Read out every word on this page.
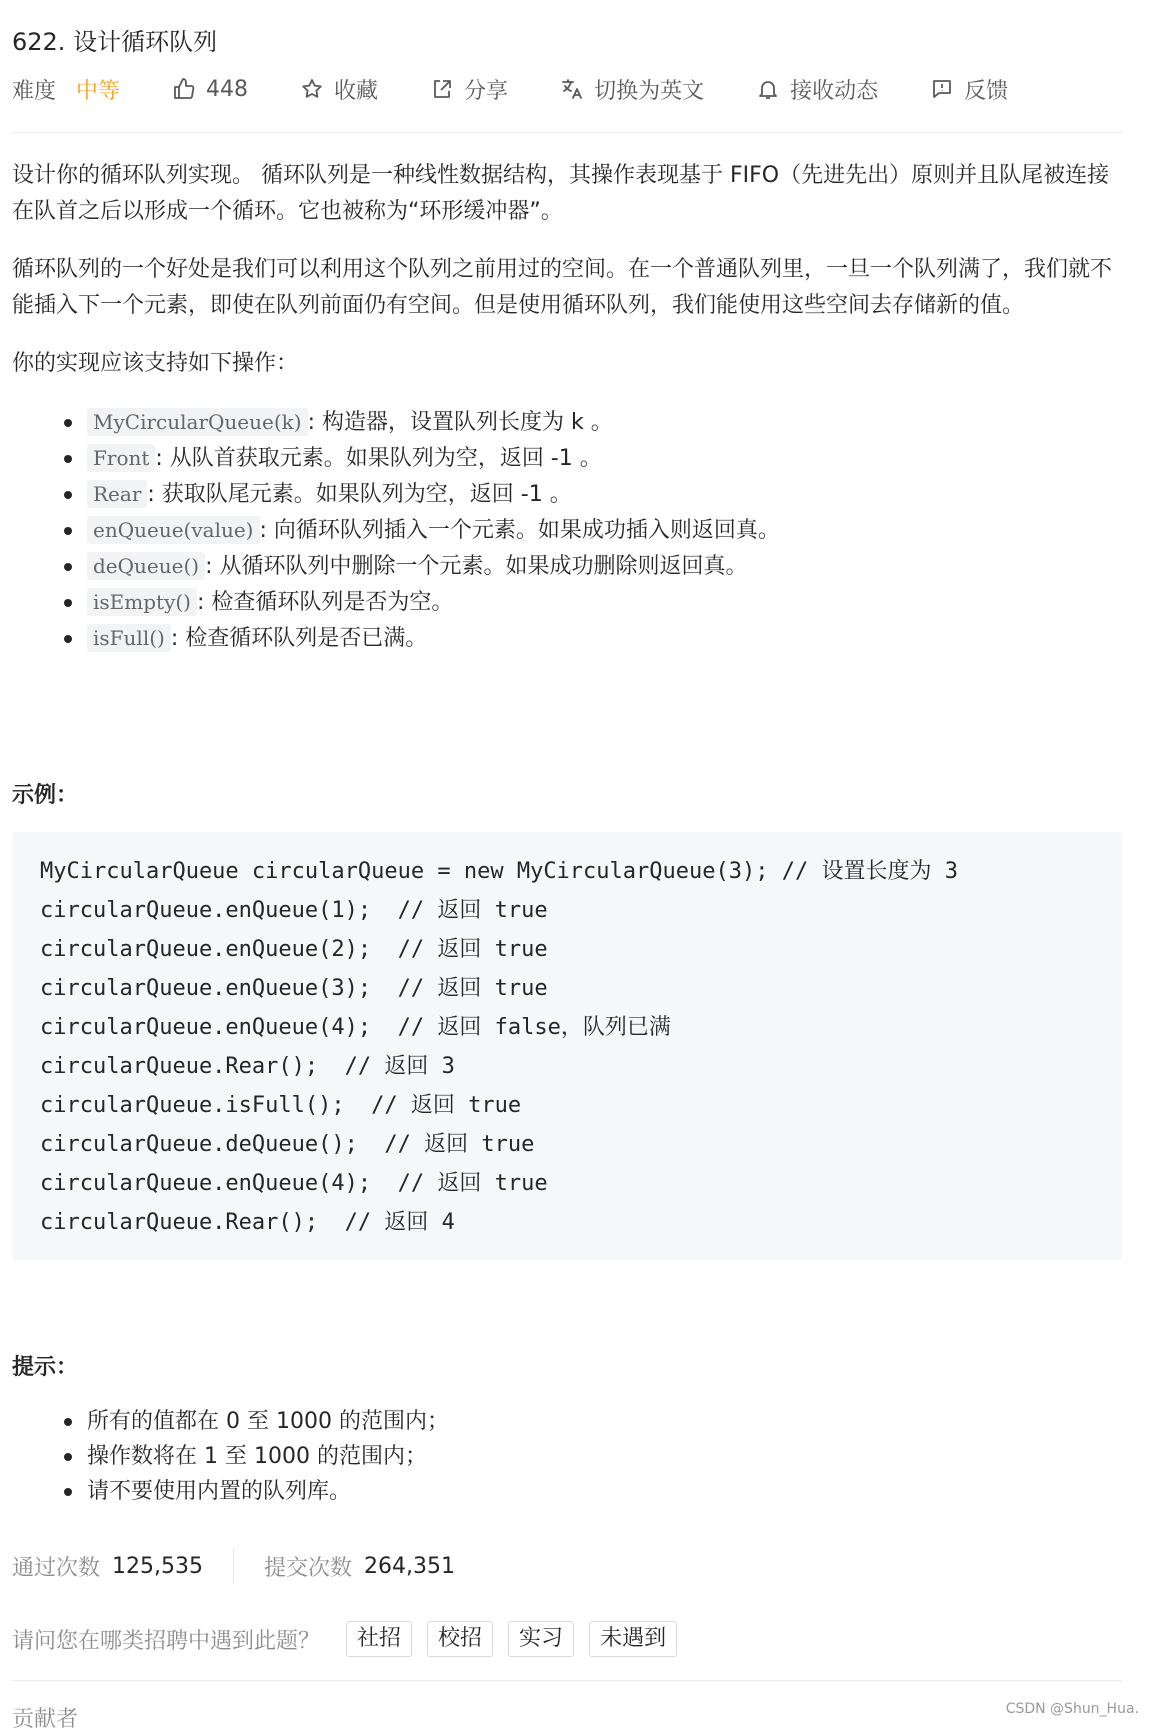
622. 设计循环队列
难度 中等	448	收藏	分享	切换为英文	接收动态	反馈

设计你的循环队列实现。 循环队列是一种线性数据结构，其操作表现基于 FIFO（先进先出）原则并且队尾被连接在队首之后以形成一个循环。它也被称为“环形缓冲器”。

循环队列的一个好处是我们可以利用这个队列之前用过的空间。在一个普通队列里，一旦一个队列满了，我们就不能插入下一个元素，即使在队列前面仍有空间。但是使用循环队列，我们能使用这些空间去存储新的值。

你的实现应该支持如下操作：

MyCircularQueue(k) : 构造器，设置队列长度为 k 。
Front : 从队首获取元素。如果队列为空，返回 -1 。
Rear : 获取队尾元素。如果队列为空，返回 -1 。
enQueue(value) : 向循环队列插入一个元素。如果成功插入则返回真。
deQueue() : 从循环队列中删除一个元素。如果成功删除则返回真。
isEmpty() : 检查循环队列是否为空。
isFull() : 检查循环队列是否已满。
示例：
MyCircularQueue circularQueue = new MyCircularQueue(3); // 设置长度为 3
circularQueue.enQueue(1);  // 返回 true
circularQueue.enQueue(2);  // 返回 true
circularQueue.enQueue(3);  // 返回 true
circularQueue.enQueue(4);  // 返回 false，队列已满
circularQueue.Rear();  // 返回 3
circularQueue.isFull();  // 返回 true
circularQueue.deQueue();  // 返回 true
circularQueue.enQueue(4);  // 返回 true
circularQueue.Rear();  // 返回 4
提示：
所有的值都在 0 至 1000 的范围内；
操作数将在 1 至 1000 的范围内；
请不要使用内置的队列库。
通过次数 125,535	提交次数 264,351
请问您在哪类招聘中遇到此题？	社招	校招	实习	未遇到
贡献者	CSDN @Shun_Hua.
